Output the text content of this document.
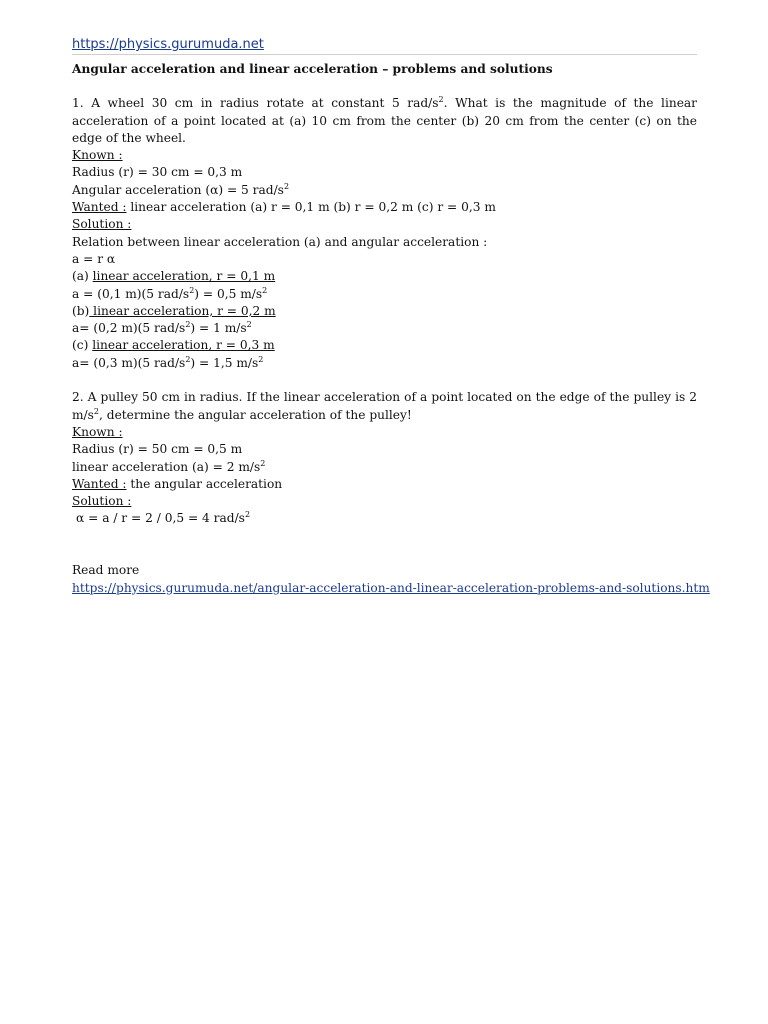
https://physics.gurumuda.net
Angular acceleration and linear acceleration – problems and solutions
1. A wheel 30 cm in radius rotate at constant 5 rad/$s^2$. What is the magnitude of the linear acceleration of a point located at (a) 10 cm from the center (b) 20 cm from the center (c) on the edge of the wheel.
Known :
Radius (r) = 30 cm = 0,3 m
Angular acceleration (α) = 5 rad/$s^2$
Wanted : linear acceleration (a) r = 0,1 m (b) r = 0,2 m (c) r = 0,3 m
Solution :
Relation between linear acceleration (a) and angular acceleration :
a = r α
(a) linear acceleration, r = 0,1 m
a = (0,1 m)(5 rad/$s^2) = 0,5$ $m/s^2$
(b) linear acceleration, r = 0,2 m
a= (0,2 m)(5 rad/$s^2) = 1$ $m/s^2$
(c) linear acceleration, r = 0,3 m
a= (0,3 m)(5 rad/$s^2) = 1,5$ $m/s^2$
2. A pulley 50 cm in radius. If the linear acceleration of a point located on the edge of the pulley is 2 $m/s^2$, determine the angular acceleration of the pulley!
Known :
Radius (r) = 50 cm = 0,5 m
linear acceleration (a) = 2 $m/s^2$
Wanted : the angular acceleration
Solution :
α = a / r = 2 / 0,5 = 4 rad/$s^2$
Read more
https://physics.gurumuda.net/angular-acceleration-and-linear-acceleration-problems-and-solutions.htm
